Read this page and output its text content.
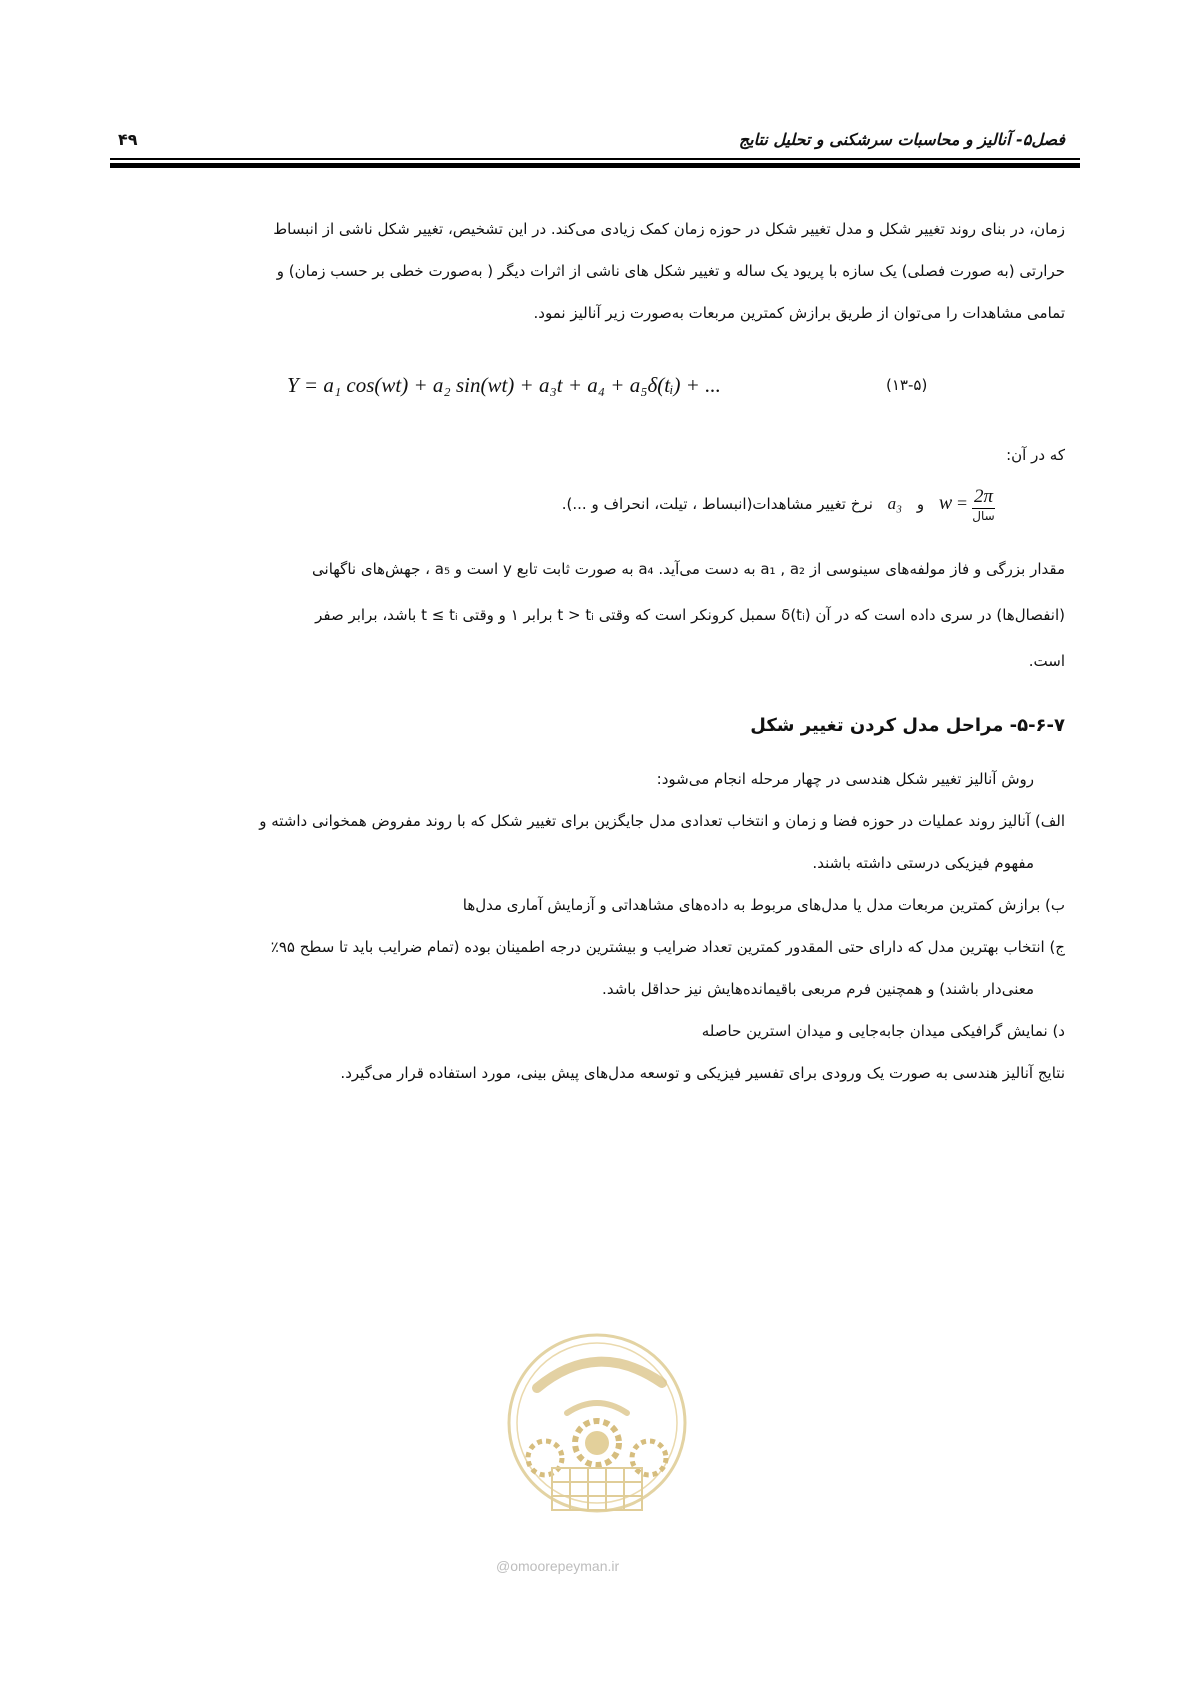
فصل۵- آنالیز و محاسبات سرشکنی و تحلیل نتایج
۴۹
زمان، در بنای روند تغییر شکل و مدل تغییر شکل در حوزه زمان کمک زیادی می‌کند. در این تشخیص، تغییر شکل ناشی از انبساط
حرارتی (به صورت فصلی) یک سازه با پریود یک ساله و تغییر شکل های ناشی از اثرات دیگر ( به‌صورت خطی بر حسب زمان) و
تمامی مشاهدات را می‌توان از طریق برازش کمترین مربعات به‌صورت زیر آنالیز نمود.
Y = a₁ cos(wt) + a₂ sin(wt) + a₃t + a₄ + a₅δ(tᵢ) + ...	(۱۳-۵)
که در آن:
نرخ تغییر مشاهدات(انبساط ، تیلت، انحراف و ...). a₃ و $w = \frac{2\pi}{\text{سال}}$
مقدار بزرگی و فاز مولفه‌های سینوسی از a₁ , a₂ به دست می‌آید. a₄ به صورت ثابت تابع y است و a₅ ، جهش‌های ناگهانی
(انفصال‌ها) در سری داده است که در آن δ(tᵢ) سمبل کرونکر است که وقتی t > tᵢ برابر ۱ و وقتی t ≤ tᵢ باشد، برابر صفر
است.
۵-۶-۷- مراحل مدل کردن تغییر شکل
روش آنالیز تغییر شکل هندسی در چهار مرحله انجام می‌شود:
الف) آنالیز روند عملیات در حوزه فضا و زمان و انتخاب تعدادی مدل جایگزین برای تغییر شکل که با روند مفروض همخوانی داشته و
مفهوم فیزیکی درستی داشته باشند.
ب) برازش کمترین مربعات مدل یا مدل‌های مربوط به داده‌های مشاهداتی و آزمایش آماری مدل‌ها
ج) انتخاب بهترین مدل که دارای حتی المقدور کمترین تعداد ضرایب و بیشترین درجه اطمینان بوده (تمام ضرایب باید تا سطح ۹۵٪
معنی‌دار باشند) و همچنین فرم مربعی باقیمانده‌هایش نیز حداقل باشد.
د) نمایش گرافیکی میدان جابه‌جایی و میدان استرین حاصله
نتایج آنالیز هندسی به صورت یک ورودی برای تفسیر فیزیکی و توسعه مدل‌های پیش بینی، مورد استفاده قرار می‌گیرد.
@omoorepeyman.ir
